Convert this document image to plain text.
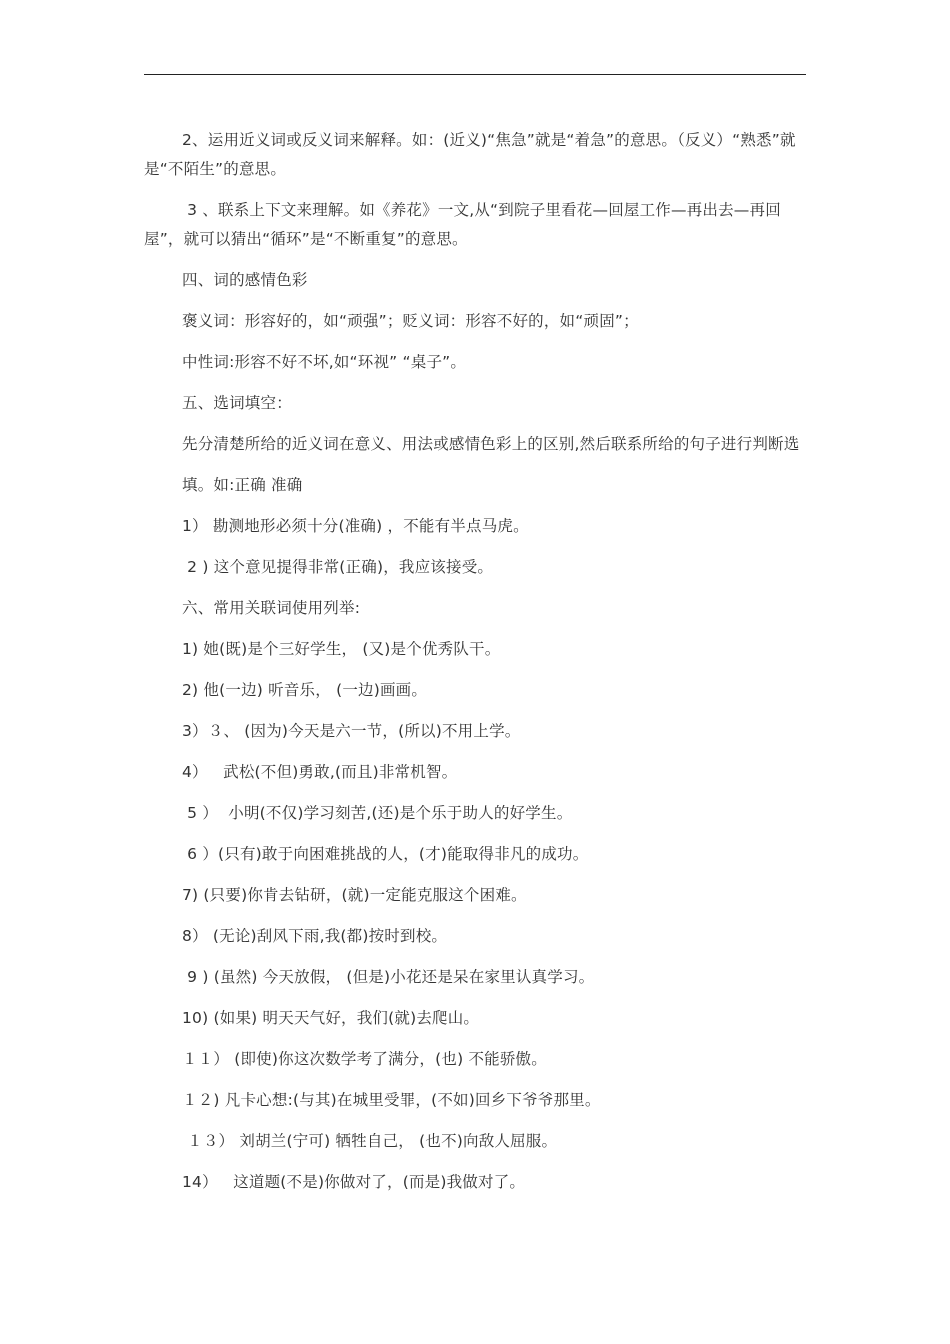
2、运用近义词或反义词来解释。如：(近义)“焦急”就是“着急”的意思。（反义）“熟悉”就是“不陌生”的意思。

3 、联系上下文来理解。如《养花》一文,从“到院子里看花—回屋工作—再出去—再回屋”，就可以猜出“循环”是“不断重复”的意思。

四、词的感情色彩

褒义词：形容好的，如“顽强”；贬义词：形容不好的，如“顽固”；

中性词:形容不好不坏,如“环视” “桌子”。

五、选词填空：

先分清楚所给的近义词在意义、用法或感情色彩上的区别,然后联系所给的句子进行判断选

填。如:正确 准确

1） 勘测地形必须十分(准确) ，不能有半点马虎。

2 ) 这个意见提得非常(正确)，我应该接受。

六、常用关联词使用列举:

1) 她(既)是个三好学生， (又)是个优秀队干。

2) 他(一边) 听音乐， (一边)画画。

3）３、 (因为)今天是六一节，(所以)不用上学。

4）   武松(不但)勇敢,(而且)非常机智。

5 ）  小明(不仅)学习刻苦,(还)是个乐于助人的好学生。

6 ）(只有)敢于向困难挑战的人，(才)能取得非凡的成功。

7) (只要)你肯去钻研，(就)一定能克服这个困难。

8） (无论)刮风下雨,我(都)按时到校。

9 ) (虽然) 今天放假， (但是)小花还是呆在家里认真学习。

10) (如果) 明天天气好，我们(就)去爬山。

１１） (即使)你这次数学考了满分，(也) 不能骄傲。

１２) 凡卡心想:(与其)在城里受罪，(不如)回乡下爷爷那里。

１３） 刘胡兰(宁可) 牺牲自己， (也不)向敌人屈服。

14）   这道题(不是)你做对了，(而是)我做对了。
